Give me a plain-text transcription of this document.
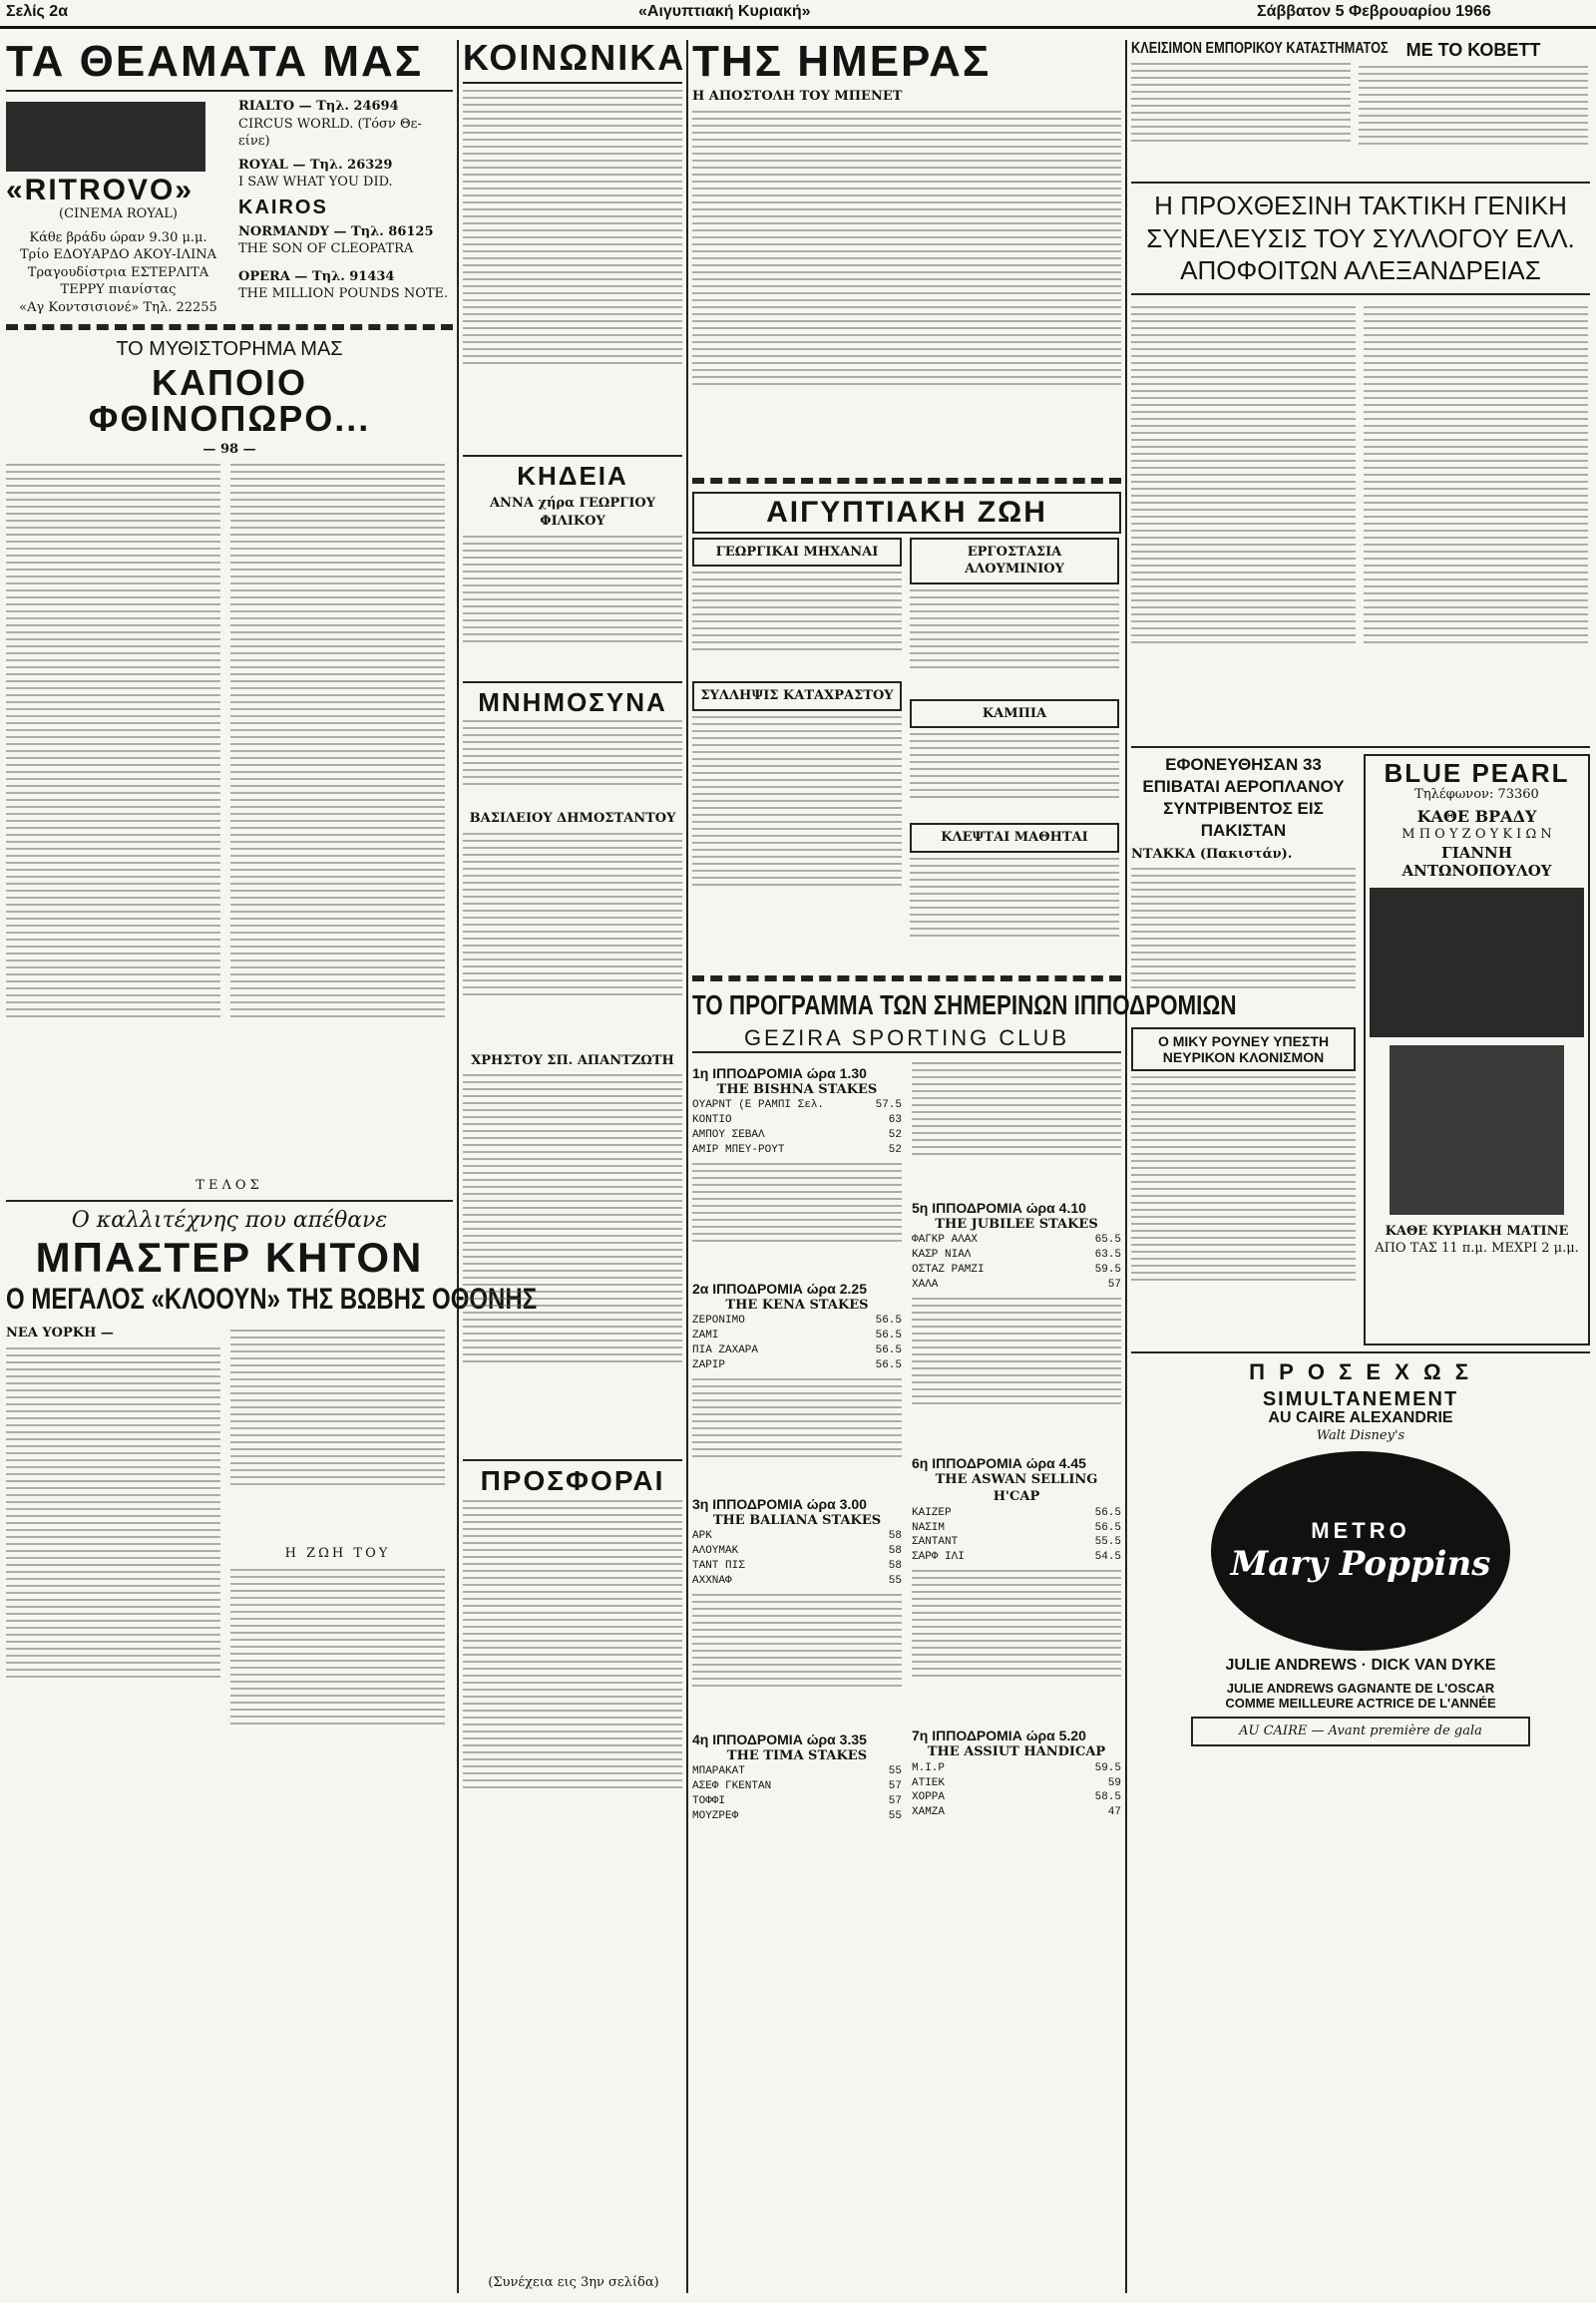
Σελίς 2α	«Αιγυπτιακή Κυριακή»	Σάββατον 5 Φεβρουαρίου 1966
ΤΑ ΘΕΑΜΑΤΑ ΜΑΣ
«RITROVO»
(CINEMA ROYAL)
Κάθε βράδυ ώραν 9.30 μ.μ.
Τρίο ΕΔΟΥΑΡΔΟ ΑΚΟΥ-ΙΛΙΝΑ
Τραγουδίστρια ΕΣΤΕΡΛΙΤΑ
ΤΕΡΡΥ πιανίστας
«Αγ Κοντσισιονέ» Τηλ. 22255
RIALTO — Τηλ. 24694
CIRCUS WORLD. (Τόσν Θε-είνε)
ROYAL — Τηλ. 26329
I SAW WHAT YOU DID.
KAIROS
NORMANDY — Τηλ. 86125
THE SON OF CLEOPATRA
OPERA — Τηλ. 91434
THE MILLION POUNDS NOTE.
ΤΟ ΜΥΘΙΣΤΟΡΗΜΑ ΜΑΣ
ΚΑΠΟΙΟ ΦΘΙΝΟΠΩΡΟ...
— 98 —
ΤΕΛΟΣ
Ο καλλιτέχνης που απέθανε
ΜΠΑΣΤΕΡ ΚΗΤΟΝ
Ο ΜΕΓΑΛΟΣ «ΚΛΟΟΥΝ» ΤΗΣ ΒΩΒΗΣ ΟΘΟΝΗΣ
ΝΕΑ ΥΟΡΚΗ —
Η ΖΩΗ ΤΟΥ
ΚΟΙΝΩΝΙΚΑ
ΚΗΔΕΙΑ
ΑΝΝΑ χήρα ΓΕΩΡΓΙΟΥ ΦΙΛΙΚΟΥ
ΜΝΗΜΟΣΥΝΑ
ΒΑΣΙΛΕΙΟΥ ΔΗΜΟΣΤΑΝΤΟΥ
ΧΡΗΣΤΟΥ ΣΠ. ΑΠΑΝΤΖΩΤΗ
ΠΡΟΣΦΟΡΑΙ
ΤΗΣ ΗΜΕΡΑΣ
Η ΑΠΟΣΤΟΛΗ ΤΟΥ ΜΠΕΝΕΤ
ΑΙΓΥΠΤΙΑΚΗ ΖΩΗ
ΓΕΩΡΓΙΚΑΙ ΜΗΧΑΝΑΙ
ΣΥΛΛΗΨΙΣ ΚΑΤΑΧΡΑΣΤΟΥ
ΕΡΓΟΣΤΑΣΙΑ ΑΛΟΥΜΙΝΙΟΥ
ΚΑΜΠΙΑ
ΚΛΕΨΤΑΙ ΜΑΘΗΤΑΙ
ΤΟ ΠΡΟΓΡΑΜΜΑ ΤΩΝ ΣΗΜΕΡΙΝΩΝ ΙΠΠΟΔΡΟΜΙΩΝ
GEZIRA SPORTING CLUB
1η ΙΠΠΟΔΡΟΜΙΑ ώρα 1.30
THE BISHNA STAKES
ΟΥΑΡΝΤ (Ε ΡΑΜΠΙ Σελ.	57.5
ΚΟΝΤΙΟ	63
ΑΜΠΟΥ ΣΕΒΑΛ	52
ΑΜΙΡ ΜΠΕΥ-ΡΟΥΤ	52
2α ΙΠΠΟΔΡΟΜΙΑ ώρα 2.25
THE KENA STAKES
ΖΕΡΟΝΙΜΟ	56.5
ΖΑΜΙ	56.5
ΠΙΑ ΖΑΧΑΡΑ	56.5
ΖΑΡΙΡ	56.5
3η ΙΠΠΟΔΡΟΜΙΑ ώρα 3.00
THE BALIANA STAKES
ΑΡΚ	58
ΑΛΟΥΜΑΚ	58
ΤΑΝΤ ΠΙΣ	58
ΑΧΧΝΑΦ	55
4η ΙΠΠΟΔΡΟΜΙΑ ώρα 3.35
THE TIMA STAKES
ΜΠΑΡΑΚΑΤ	55
ΑΣΕΦ ΓΚΕΝΤΑΝ	57
ΤΟΦΦΙ	57
ΜΟΥΖΡΕΦ	55
5η ΙΠΠΟΔΡΟΜΙΑ ώρα 4.10
THE JUBILEE STAKES
ΦΑΓΚΡ ΑΛΑΧ	65.5
ΚΑΣΡ ΝΙΑΛ	63.5
ΟΣΤΑΖ ΡΑΜΖΙ	59.5
ΧΑΛΑ	57
6η ΙΠΠΟΔΡΟΜΙΑ ώρα 4.45
THE ASWAN SELLING H'CAP
ΚΑΙΖΕΡ	56.5
ΝΑΣΙΜ	56.5
ΣΑΝΤΑΝΤ	55.5
ΣΑΡΦ ΙΛΙ	54.5
7η ΙΠΠΟΔΡΟΜΙΑ ώρα 5.20
THE ASSIUT HANDICAP
Μ.Ι.Ρ	59.5
ΑΤΙΕΚ	59
ΧΟΡΡΑ	58.5
ΧΑΜΖΑ	47
ΚΛΕΙΣΙΜΟΝ ΕΜΠΟΡΙΚΟΥ ΚΑΤΑΣΤΗΜΑΤΟΣ ΜΕ ΤΟ ΚΟΒΕΤΤ
Η ΠΡΟΧΘΕΣΙΝΗ ΤΑΚΤΙΚΗ ΓΕΝΙΚΗ ΣΥΝΕΛΕΥΣΙΣ ΤΟΥ ΣΥΛΛΟΓΟΥ ΕΛΛ. ΑΠΟΦΟΙΤΩΝ ΑΛΕΞΑΝΔΡΕΙΑΣ
ΕΦΟΝΕΥΘΗΣΑΝ 33 ΕΠΙΒΑΤΑΙ ΑΕΡΟΠΛΑΝΟΥ ΣΥΝΤΡΙΒΕΝΤΟΣ ΕΙΣ ΠΑΚΙΣΤΑΝ
ΝΤΑΚΚΑ (Πακιστάν).
Ο ΜΙΚΥ ΡΟΥΝΕΥ ΥΠΕΣΤΗ ΝΕΥΡΙΚΟΝ ΚΛΟΝΙΣΜΟΝ
BLUE PEARL
Τηλέφωνον: 73360
ΚΑΘΕ ΒΡΑΔΥ
Μ Π Ο Υ Ζ Ο Υ Κ Ι Ω Ν
ΓΙΑΝΝΗ ΑΝΤΩΝΟΠΟΥΛΟΥ
ΚΑΘΕ ΚΥΡΙΑΚΗ ΜΑΤΙΝΕ
ΑΠΟ ΤΑΣ 11 π.μ. ΜΕΧΡΙ 2 μ.μ.
Π Ρ Ο Σ Ε Χ Ω Σ
SIMULTANEMENT
AU CAIRE ALEXANDRIE
Walt Disney's
METRO
Mary Poppins
JULIE ANDREWS · DICK VAN DYKE
JULIE ANDREWS GAGNANTE DE L'OSCAR
COMME MEILLEURE ACTRICE DE L'ANNÉE
AU CAIRE — Avant première de gala
(Συνέχεια εις 3ην σελίδα)
